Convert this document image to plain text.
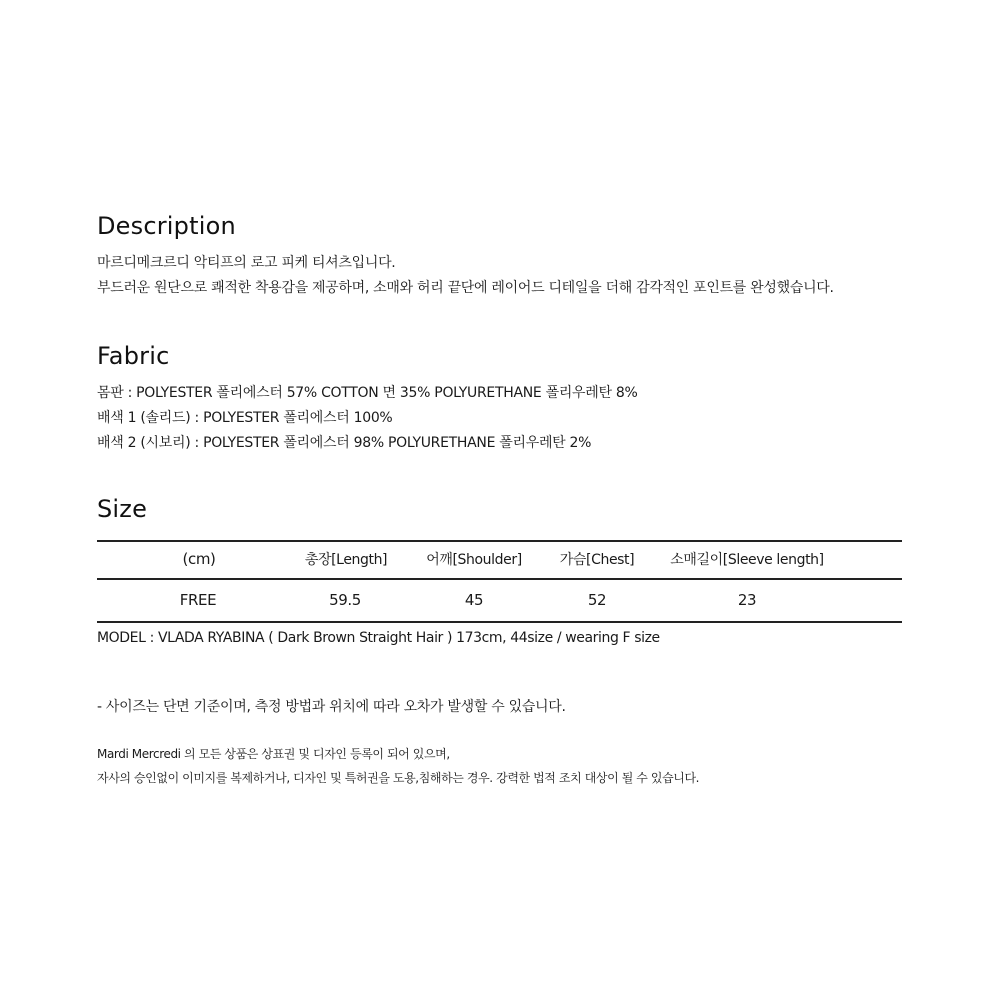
Description
마르디메크르디 악티프의 로고 피케 티셔츠입니다.
부드러운 원단으로 쾌적한 착용감을 제공하며, 소매와 허리 끝단에 레이어드 디테일을 더해 감각적인 포인트를 완성했습니다.
Fabric
몸판 : POLYESTER 폴리에스터 57% COTTON 면 35% POLYURETHANE 폴리우레탄 8%
배색 1 (솔리드) : POLYESTER 폴리에스터 100%
배색 2 (시보리) : POLYESTER 폴리에스터 98% POLYURETHANE 폴리우레탄 2%
Size
(cm)	총장[Length]	어깨[Shoulder]	가슴[Chest]	소매길이[Sleeve length]
FREE	59.5	45	52	23
MODEL : VLADA RYABINA ( Dark Brown Straight Hair ) 173cm, 44size / wearing F size
- 사이즈는 단면 기준이며, 측정 방법과 위치에 따라 오차가 발생할 수 있습니다.
Mardi Mercredi 의 모든 상품은 상표권 및 디자인 등록이 되어 있으며,
자사의 승인없이 이미지를 복제하거나, 디자인 및 특허권을 도용,침해하는 경우. 강력한 법적 조치 대상이 될 수 있습니다.
